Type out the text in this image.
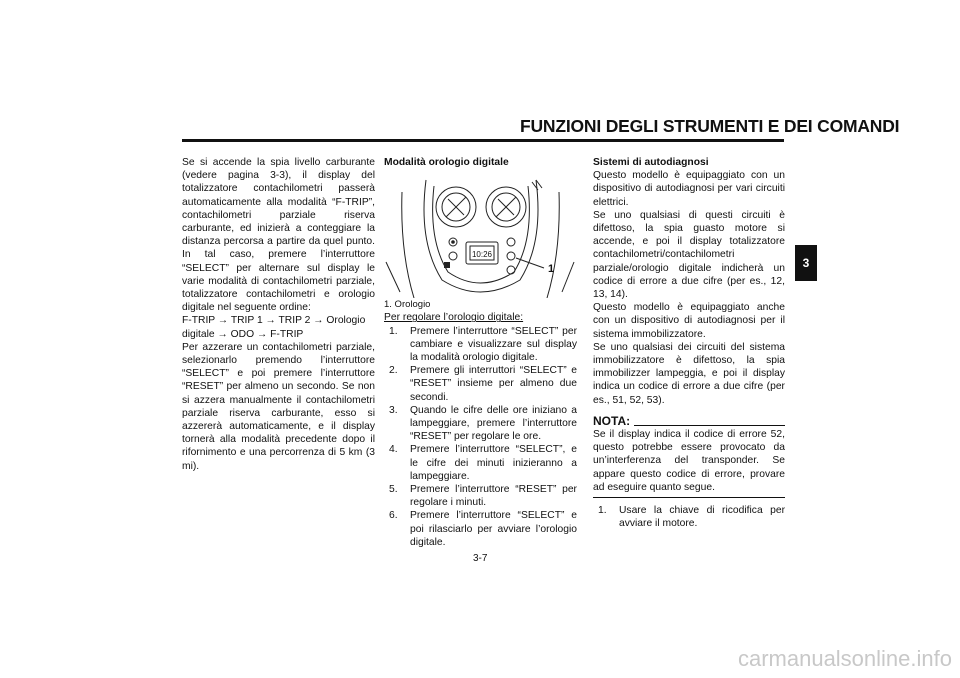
FUNZIONI DEGLI STRUMENTI E DEI COMANDI
3

Se si accende la spia livello carburante (vedere pagina 3-3), il display del totalizzatore contachilometri passerà automaticamente alla modalità “F-TRIP”, contachilometri parziale riserva carburante, ed inizierà a conteggiare la distanza percorsa a partire da quel punto. In tal caso, premere l’interruttore “SELECT” per alternare sul display le varie modalità di contachilometri parziale, totalizzatore contachilometri e orologio digitale nel seguente ordine:

F-TRIP → TRIP 1 → TRIP 2 → Orologio digitale → ODO → F-TRIP

Per azzerare un contachilometri parziale, selezionarlo premendo l’interruttore “SELECT” e poi premere l’interruttore “RESET” per almeno un secondo. Se non si azzera manualmente il contachilometri parziale riserva carburante, esso si azzererà automaticamente, e il display tornerà alla modalità precedente dopo il rifornimento e una percorrenza di 5 km (3 mi).

Modalità orologio digitale

10:26
1

1. Orologio

Per regolare l’orologio digitale:

1. Premere l’interruttore “SELECT” per cambiare e visualizzare sul display la modalità orologio digitale.
2. Premere gli interruttori “SELECT” e “RESET” insieme per almeno due secondi.
3. Quando le cifre delle ore iniziano a lampeggiare, premere l’interruttore “RESET” per regolare le ore.
4. Premere l’interruttore “SELECT”, e le cifre dei minuti inizieranno a lampeggiare.
5. Premere l’interruttore “RESET” per regolare i minuti.
6. Premere l’interruttore “SELECT” e poi rilasciarlo per avviare l’orologio digitale.

Sistemi di autodiagnosi

Questo modello è equipaggiato con un dispositivo di autodiagnosi per vari circuiti elettrici.

Se uno qualsiasi di questi circuiti è difettoso, la spia guasto motore si accende, e poi il display totalizzatore contachilometri/contachilometri parziale/orologio digitale indicherà un codice di errore a due cifre (per es., 12, 13, 14).

Questo modello è equipaggiato anche con un dispositivo di autodiagnosi per il sistema immobilizzatore.

Se uno qualsiasi dei circuiti del sistema immobilizzatore è difettoso, la spia immobilizzer lampeggia, e poi il display indica un codice di errore a due cifre (per es., 51, 52, 53).

NOTA:

Se il display indica il codice di errore 52, questo potrebbe essere provocato da un’interferenza del transponder. Se appare questo codice di errore, provare ad eseguire quanto segue.

1. Usare la chiave di ricodifica per avviare il motore.
3-7
carmanualsonline.info
